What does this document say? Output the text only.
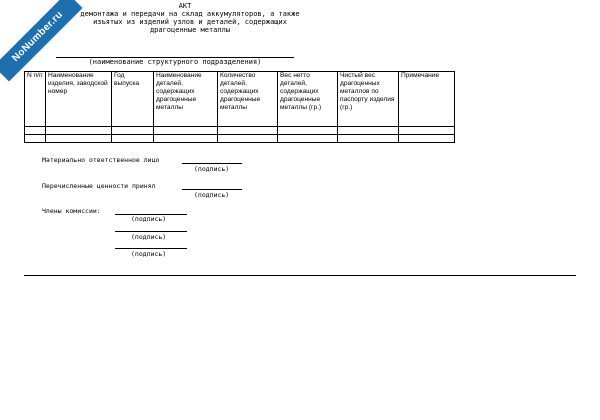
NoNumber.ru
АКТ
демонтажа и передачи на склад аккумуляторов, а также
изъятых из изделий узлов и деталей, содержащих
драгоценные металлы
(наименование структурного подразделения)
N п/п	Наименование изделия, заводской номер	Год выпуска	Наименование деталей, содержащих драгоценные металлы	Количество деталей, содержащих драгоценные металлы	Вес нетто деталей, содержащих драгоценные металлы (гр.)	Чистый вес драгоценных металлов по паспорту изделия (гр.)	Примечание

Материально ответственное лицо
(подпись)
Перечисленные ценности принял
(подпись)
Члены комиссии:
(подпись)
(подпись)
(подпись)
